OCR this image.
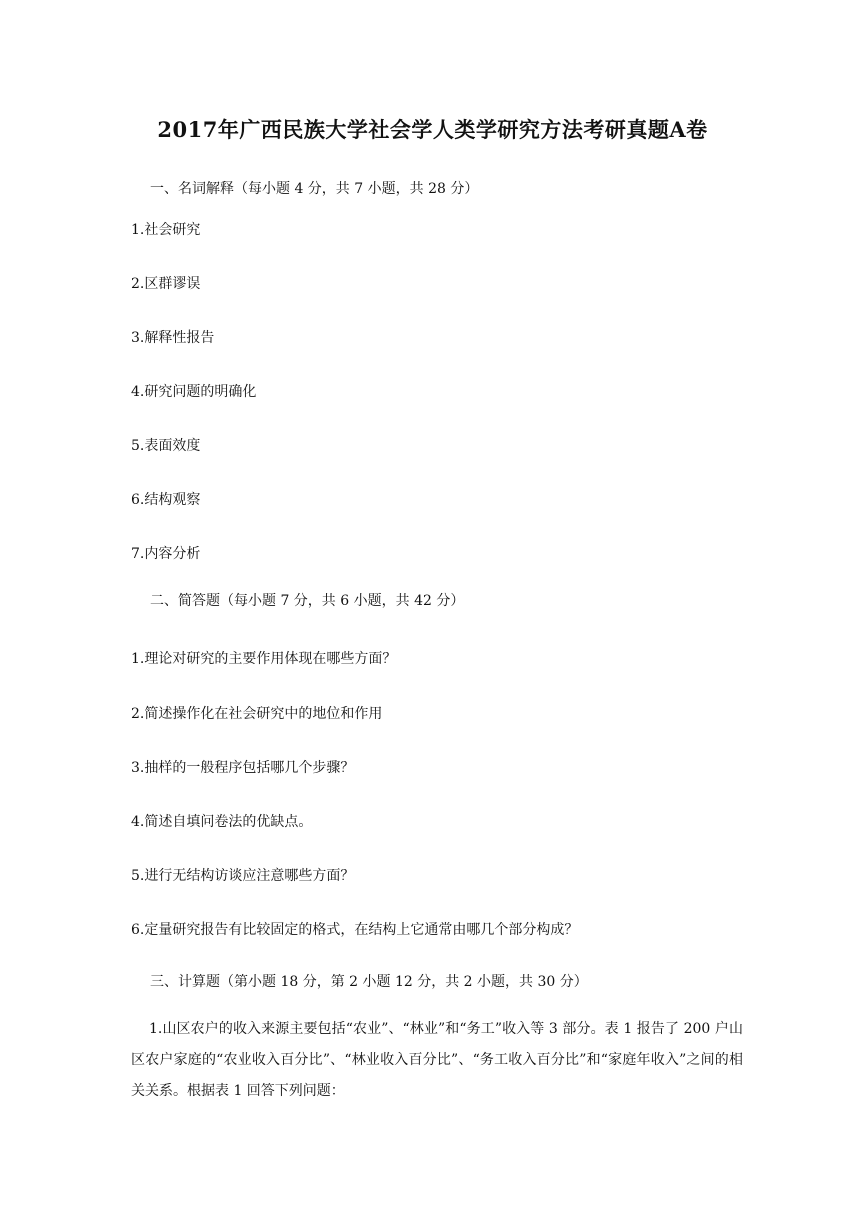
2017年广西民族大学社会学人类学研究方法考研真题A卷
一、名词解释（每小题 4 分，共 7 小题，共 28 分）
1.社会研究
2.区群谬误
3.解释性报告
4.研究问题的明确化
5.表面效度
6.结构观察
7.内容分析
二、简答题（每小题 7 分，共 6 小题，共 42 分）
1.理论对研究的主要作用体现在哪些方面？
2.简述操作化在社会研究中的地位和作用
3.抽样的一般程序包括哪几个步骤？
4.简述自填问卷法的优缺点。
5.进行无结构访谈应注意哪些方面？
6.定量研究报告有比较固定的格式，在结构上它通常由哪几个部分构成？
三、计算题（第小题 18 分，第 2 小题 12 分，共 2 小题，共 30 分）
1.山区农户的收入来源主要包括“农业”、“林业”和“务工”收入等 3 部分。表 1 报告了 200 户山区农户家庭的“农业收入百分比”、“林业收入百分比”、“务工收入百分比”和“家庭年收入”之间的相关关系。根据表 1 回答下列问题：
